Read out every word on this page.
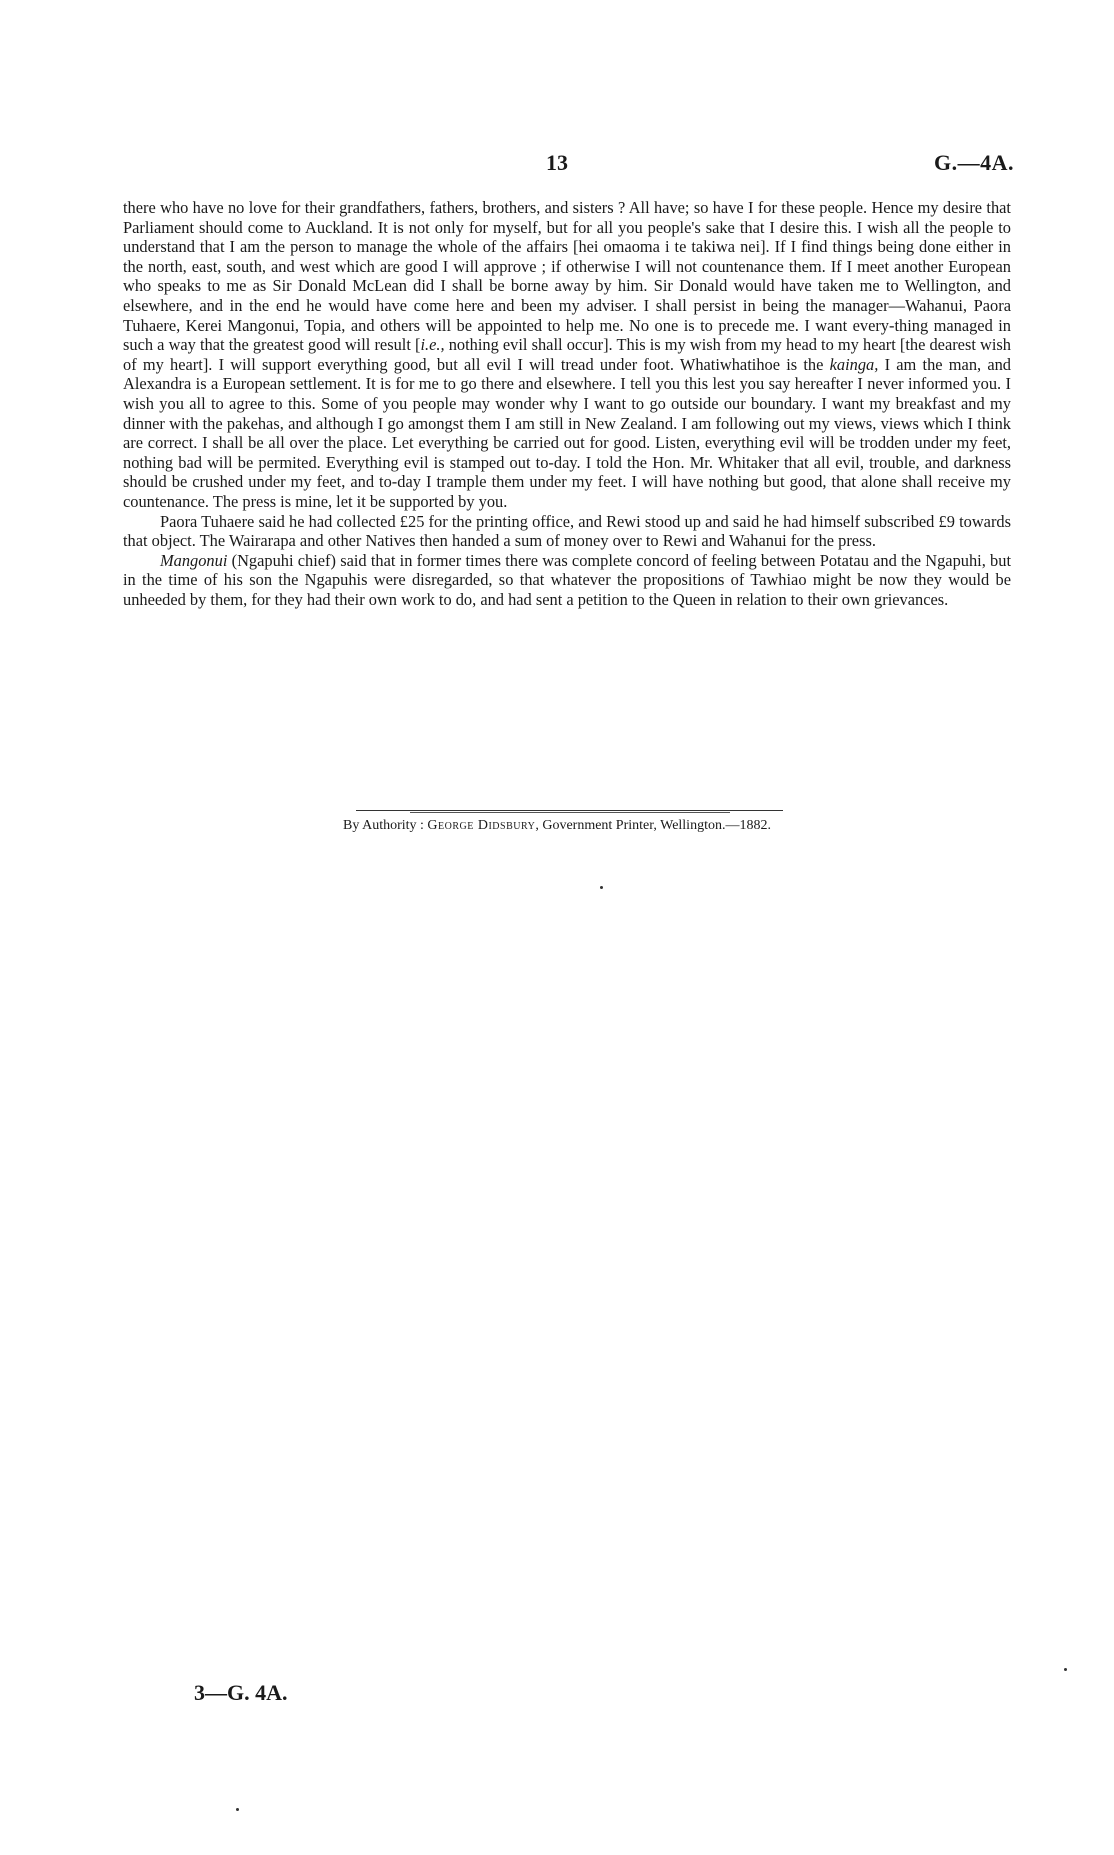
13	G.—4A.

there who have no love for their grandfathers, fathers, brothers, and sisters ? All have; so have I for these people. Hence my desire that Parliament should come to Auckland. It is not only for myself, but for all you people's sake that I desire this. I wish all the people to understand that I am the person to manage the whole of the affairs [hei omaoma i te takiwa nei]. If I find things being done either in the north, east, south, and west which are good I will approve ; if otherwise I will not countenance them. If I meet another European who speaks to me as Sir Donald McLean did I shall be borne away by him. Sir Donald would have taken me to Wellington, and elsewhere, and in the end he would have come here and been my adviser. I shall persist in being the manager—Wahanui, Paora Tuhaere, Kerei Mangonui, Topia, and others will be appointed to help me. No one is to precede me. I want every-thing managed in such a way that the greatest good will result [i.e., nothing evil shall occur]. This is my wish from my head to my heart [the dearest wish of my heart]. I will support everything good, but all evil I will tread under foot. Whatiwhatihoe is the kainga, I am the man, and Alexandra is a European settlement. It is for me to go there and elsewhere. I tell you this lest you say hereafter I never informed you. I wish you all to agree to this. Some of you people may wonder why I want to go outside our boundary. I want my breakfast and my dinner with the pakehas, and although I go amongst them I am still in New Zealand. I am following out my views, views which I think are correct. I shall be all over the place. Let everything be carried out for good. Listen, everything evil will be trodden under my feet, nothing bad will be permited. Everything evil is stamped out to-day. I told the Hon. Mr. Whitaker that all evil, trouble, and darkness should be crushed under my feet, and to-day I trample them under my feet. I will have nothing but good, that alone shall receive my countenance. The press is mine, let it be supported by you.

Paora Tuhaere said he had collected £25 for the printing office, and Rewi stood up and said he had himself subscribed £9 towards that object. The Wairarapa and other Natives then handed a sum of money over to Rewi and Wahanui for the press.

Mangonui (Ngapuhi chief) said that in former times there was complete concord of feeling between Potatau and the Ngapuhi, but in the time of his son the Ngapuhis were disregarded, so that whatever the propositions of Tawhiao might be now they would be unheeded by them, for they had their own work to do, and had sent a petition to the Queen in relation to their own grievances.

By Authority : George Didsbury, Government Printer, Wellington.—1882.
3—G. 4A.
